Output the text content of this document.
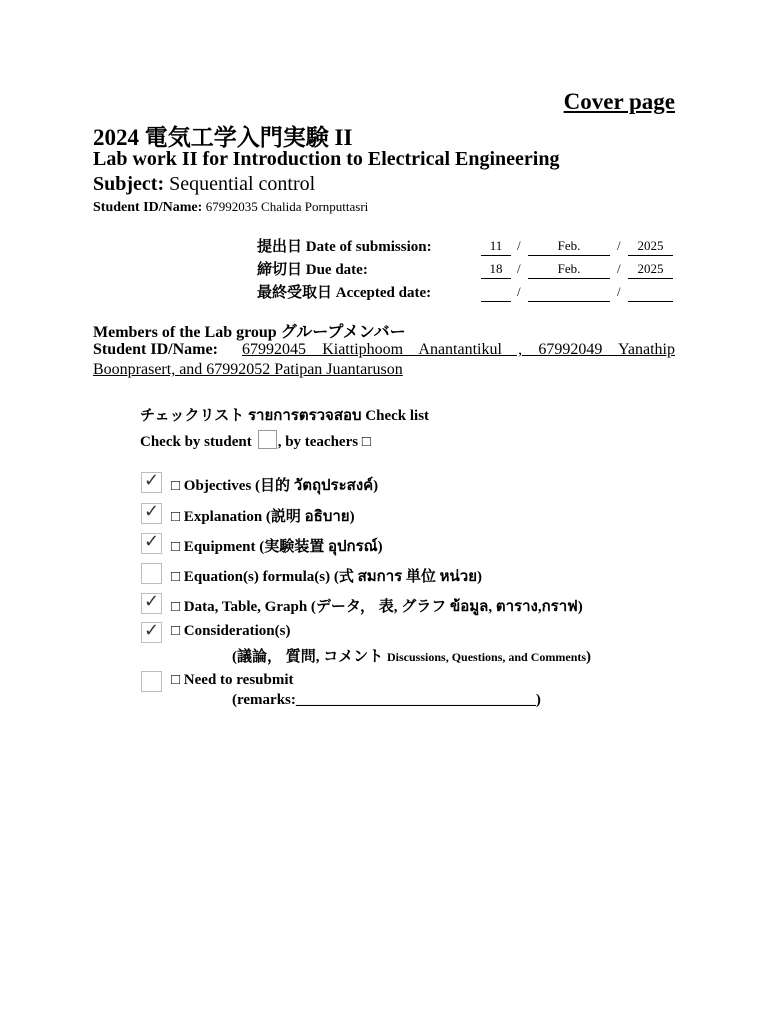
Cover page
2024 電気工学入門実験 II
Lab work II for Introduction to Electrical Engineering
Subject: Sequential control
Student ID/Name: 67992035 Chalida Pornputtasri
提出日 Date of submission:	11	/	Feb.	/	2025
締切日 Due date:	18	/	Feb.	/	2025
最終受取日 Accepted date:	/	/
Members of the Lab group グループメンバー
Student ID/Name: 67992045 Kiattiphoom Anantantikul , 67992049 Yanathip
Boonprasert, and 67992052 Patipan Juantaruson
チェックリスト รายการตรวจสอบ Check list
Check by student , by teachers □
✓ □ Objectives (目的 วัตถุประสงค์)
✓ □ Explanation (説明 อธิบาย)
✓ □ Equipment (実験装置 อุปกรณ์)
□ Equation(s) formula(s) (式 สมการ 単位 หน่วย)
✓ □ Data, Table, Graph (データ， 表, グラフ ข้อมูล, ตาราง,กราฟ)
✓ □ Consideration(s)
(議論， 質問, コメント Discussions, Questions, and Comments)
□ Need to resubmit
(remarks:________________________________)
